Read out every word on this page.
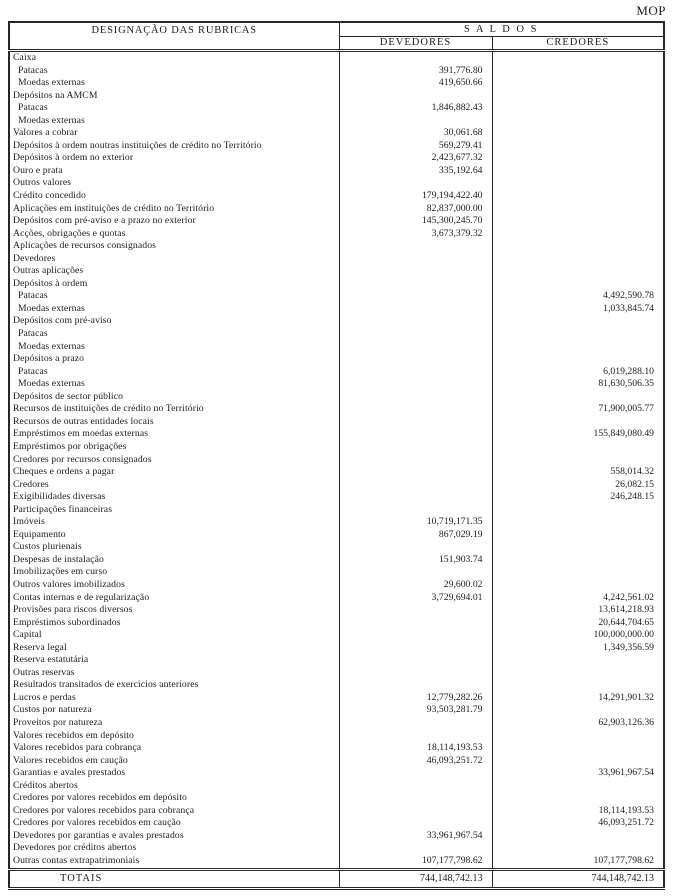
MOP
DESIGNAÇÃO DAS RUBRICAS	S A L D O S	
	DEVEDORES	CREDORES
Caixa		
Patacas	391,776.80	
Moedas externas	419,650.66	
Depósitos na AMCM		
Patacas	1,846,882.43	
Moedas externas		
Valores a cobrar	30,061.68	
Depósitos à ordem noutras instituições de crédito no Território	569,279.41	
Depósitos à ordem no exterior	2,423,677.32	
Ouro e prata	335,192.64	
Outros valores		
Crédito concedido	179,194,422.40	
Aplicações em instituições de crédito no Território	82,837,000.00	
Depósitos com pré-aviso e a prazo no exterior	145,300,245.70	
Acções, obrigações e quotas	3,673,379.32	
Aplicações de recursos consignados		
Devedores		
Outras aplicações		
Depósitos à ordem		
Patacas		4,492,590.78
Moedas externas		1,033,845.74
Depósitos com pré-aviso		
Patacas		
Moedas externas		
Depósitos a prazo		
Patacas		6,019,288.10
Moedas externas		81,630,506.35
Depósitos de sector público		
Recursos de instituições de crédito no Território		71,900,005.77
Recursos de outras entidades locais		
Empréstimos em moedas externas		155,849,080.49
Empréstimos por obrigações		
Credores por recursos consignados		
Cheques e ordens a pagar		558,014.32
Credores		26,082.15
Exigibilidades diversas		246,248.15
Participações financeiras		
Imóveis	10,719,171.35	
Equipamento	867,029.19	
Custos plurienais		
Despesas de instalação	151,903.74	
Imobilizações em curso		
Outros valores imobilizados	29,600.02	
Contas internas e de regularização	3,729,694.01	4,242,561.02
Provisões para riscos diversos		13,614,218.93
Empréstimos subordinados		20,644,704.65
Capital		100,000,000.00
Reserva legal		1,349,356.59
Reserva estatutária		
Outras reservas		
Resultados transitados de exercicios anteriores		
Lucros e perdas	12,779,282.26	14,291,901.32
Custos por natureza	93,503,281.79	
Proveitos por natureza		62,903,126.36
Valores recebidos em depósito		
Valores recebidos para cobrança	18,114,193.53	
Valores recebidos em caução	46,093,251.72	
Garantias e avales prestados		33,961,967.54
Créditos abertos		
Credores por valores recebidos em depósito		
Credores por valores recebidos para cobrança		18,114,193.53
Credores por valores recebidos em caução		46,093,251.72
Devedores por garantias e avales prestados	33,961,967.54	
Devedores por créditos abertos		
Outras contas extrapatrimoniais	107,177,798.62	107,177,798.62
TOTAIS	744,148,742.13	744,148,742.13
